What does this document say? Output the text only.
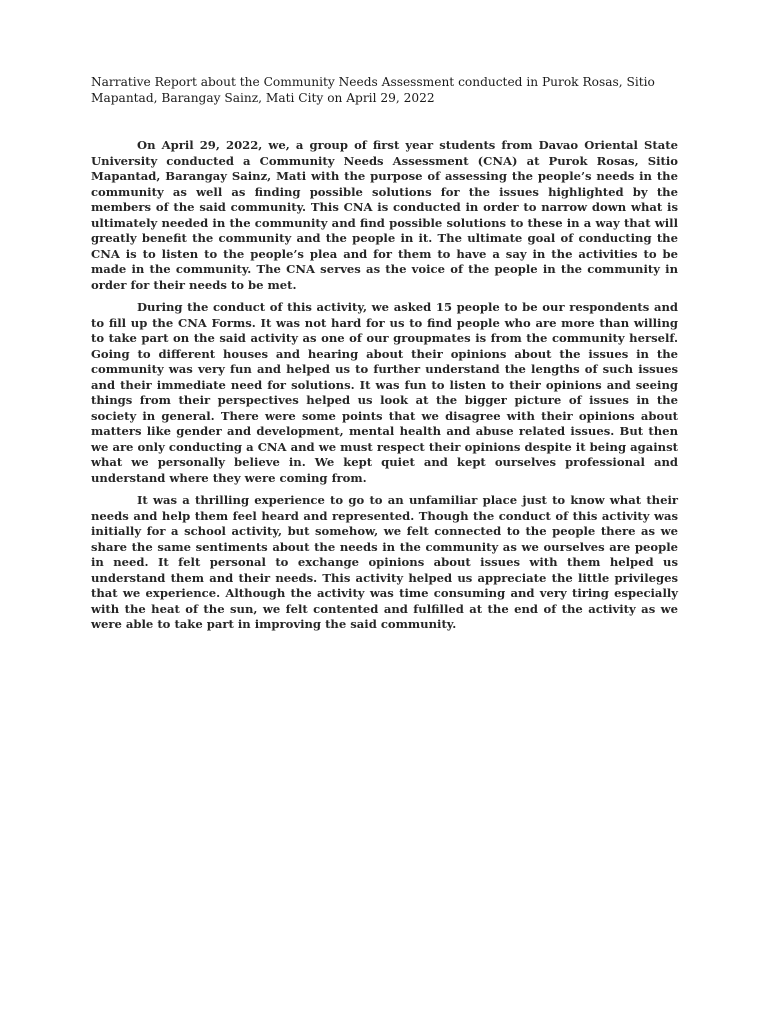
Narrative Report about the Community Needs Assessment conducted in Purok Rosas, Sitio Mapantad, Barangay Sainz, Mati City on April 29, 2022

On April 29, 2022, we, a group of first year students from Davao Oriental State University conducted a Community Needs Assessment (CNA) at Purok Rosas, Sitio Mapantad, Barangay Sainz, Mati with the purpose of assessing the people’s needs in the community as well as finding possible solutions for the issues highlighted by the members of the said community. This CNA is conducted in order to narrow down what is ultimately needed in the community and find possible solutions to these in a way that will greatly benefit the community and the people in it. The ultimate goal of conducting the CNA is to listen to the people’s plea and for them to have a say in the activities to be made in the community. The CNA serves as the voice of the people in the community in order for their needs to be met.

During the conduct of this activity, we asked 15 people to be our respondents and to fill up the CNA Forms. It was not hard for us to find people who are more than willing to take part on the said activity as one of our groupmates is from the community herself. Going to different houses and hearing about their opinions about the issues in the community was very fun and helped us to further understand the lengths of such issues and their immediate need for solutions. It was fun to listen to their opinions and seeing things from their perspectives helped us look at the bigger picture of issues in the society in general. There were some points that we disagree with their opinions about matters like gender and development, mental health and abuse related issues. But then we are only conducting a CNA and we must respect their opinions despite it being against what we personally believe in. We kept quiet and kept ourselves professional and understand where they were coming from.

It was a thrilling experience to go to an unfamiliar place just to know what their needs and help them feel heard and represented. Though the conduct of this activity was initially for a school activity, but somehow, we felt connected to the people there as we share the same sentiments about the needs in the community as we ourselves are people in need. It felt personal to exchange opinions about issues with them helped us understand them and their needs. This activity helped us appreciate the little privileges that we experience. Although the activity was time consuming and very tiring especially with the heat of the sun, we felt contented and fulfilled at the end of the activity as we were able to take part in improving the said community.
